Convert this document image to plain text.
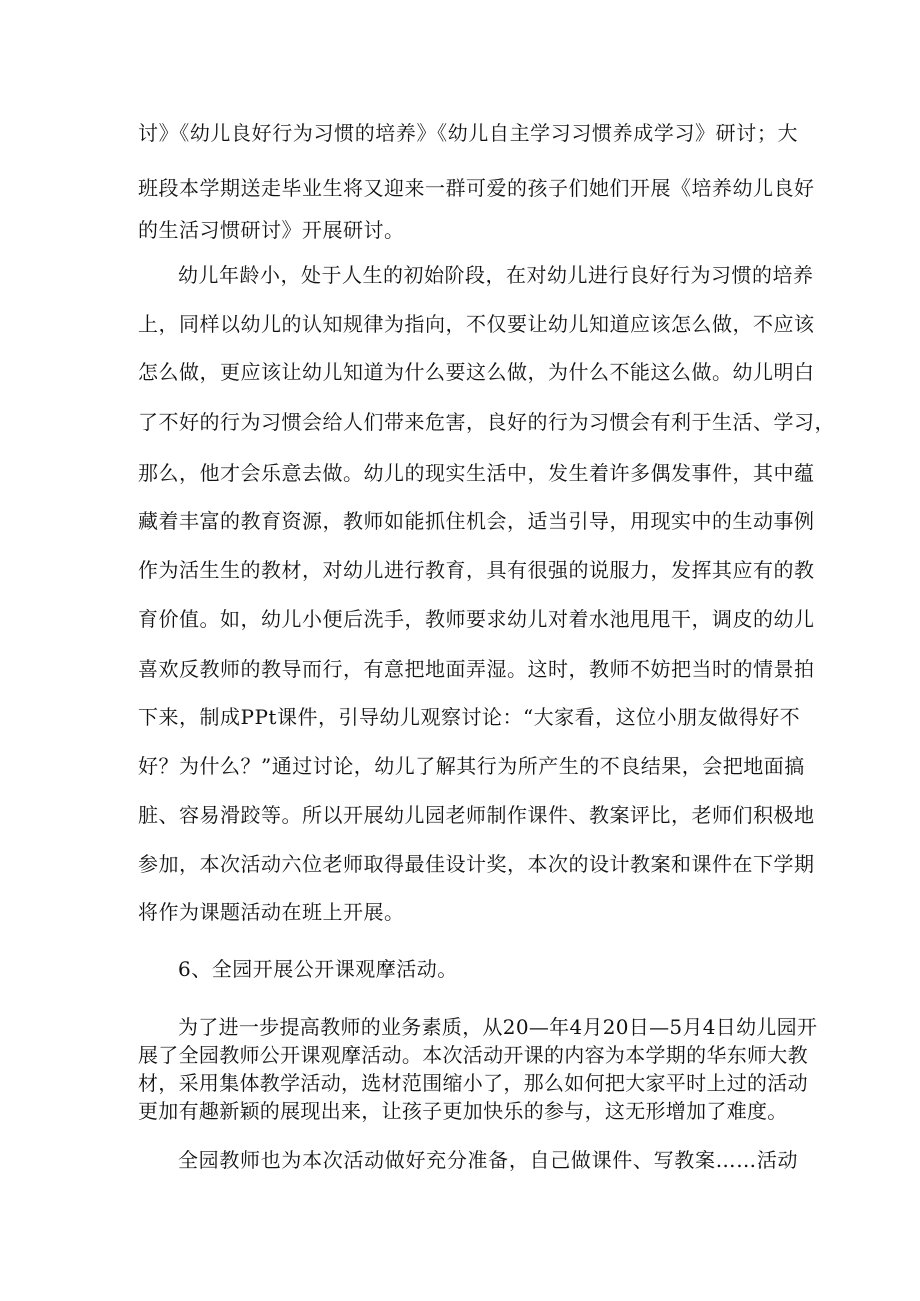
讨》《幼儿良好行为习惯的培养》《幼儿自主学习习惯养成学习》研讨；大
班段本学期送走毕业生将又迎来一群可爱的孩子们她们开展《培养幼儿良好
的生活习惯研讨》开展研讨。
幼儿年龄小，处于人生的初始阶段，在对幼儿进行良好行为习惯的培养
上，同样以幼儿的认知规律为指向，不仅要让幼儿知道应该怎么做，不应该
怎么做，更应该让幼儿知道为什么要这么做，为什么不能这么做。幼儿明白
了不好的行为习惯会给人们带来危害，良好的行为习惯会有利于生活、学习，
那么，他才会乐意去做。幼儿的现实生活中，发生着许多偶发事件，其中蕴
藏着丰富的教育资源，教师如能抓住机会，适当引导，用现实中的生动事例
作为活生生的教材，对幼儿进行教育，具有很强的说服力，发挥其应有的教
育价值。如，幼儿小便后洗手，教师要求幼儿对着水池甩甩干，调皮的幼儿
喜欢反教师的教导而行，有意把地面弄湿。这时，教师不妨把当时的情景拍
下来，制成PPt课件，引导幼儿观察讨论：“大家看，这位小朋友做得好不
好？为什么？”通过讨论，幼儿了解其行为所产生的不良结果，会把地面搞
脏、容易滑跤等。所以开展幼儿园老师制作课件、教案评比，老师们积极地
参加，本次活动六位老师取得最佳设计奖，本次的设计教案和课件在下学期
将作为课题活动在班上开展。
6、全园开展公开课观摩活动。
为了进一步提高教师的业务素质，从20—年4月20日—5月4日幼儿园开
展了全园教师公开课观摩活动。本次活动开课的内容为本学期的华东师大教
材，采用集体教学活动，选材范围缩小了，那么如何把大家平时上过的活动
更加有趣新颖的展现出来，让孩子更加快乐的参与，这无形增加了难度。
全园教师也为本次活动做好充分准备，自己做课件、写教案……活动
